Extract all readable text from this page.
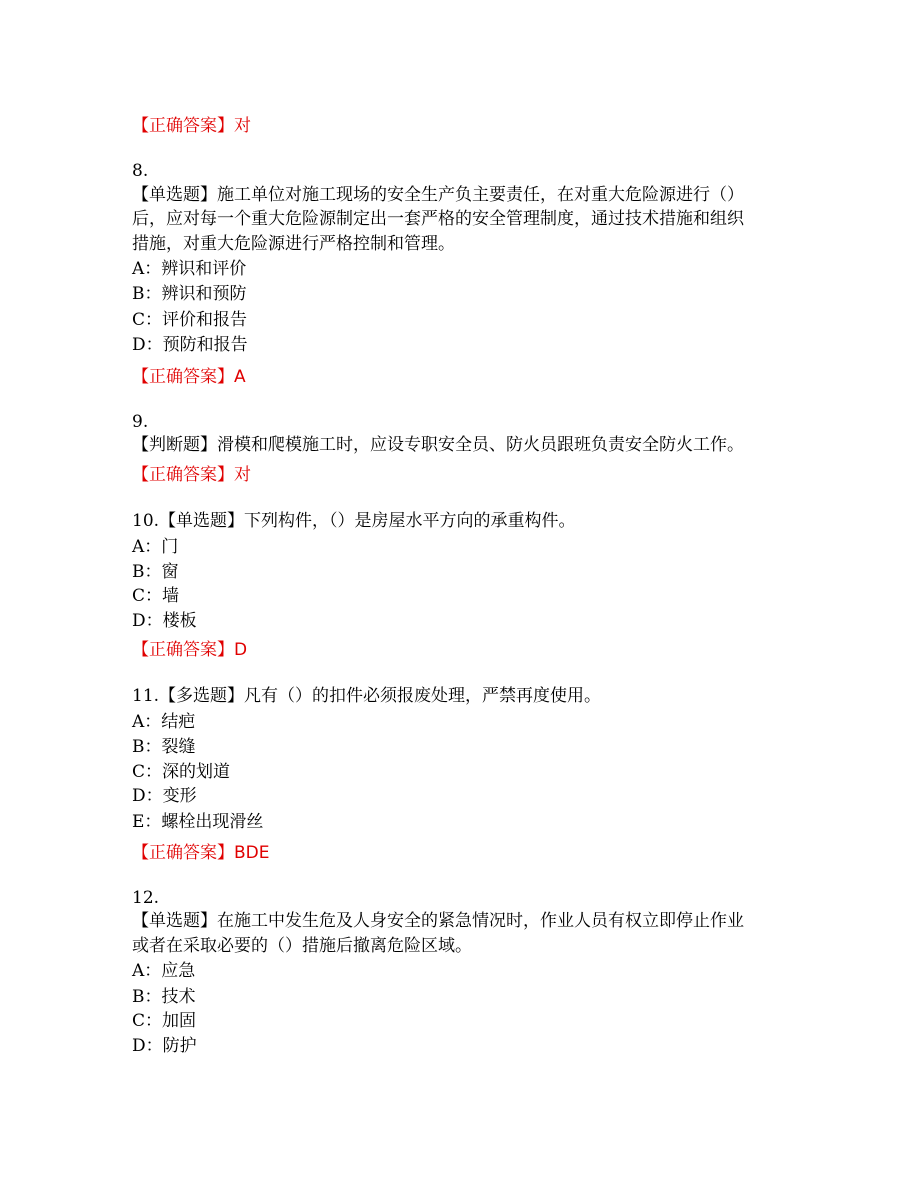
【正确答案】对
8.
【单选题】施工单位对施工现场的安全生产负主要责任，在对重大危险源进行（）
后，应对每一个重大危险源制定出一套严格的安全管理制度，通过技术措施和组织
措施，对重大危险源进行严格控制和管理。
A：辨识和评价
B：辨识和预防
C：评价和报告
D：预防和报告
【正确答案】A
9.
【判断题】滑模和爬模施工时，应设专职安全员、防火员跟班负责安全防火工作。
【正确答案】对
10.【单选题】下列构件，（）是房屋水平方向的承重构件。
A：门
B：窗
C：墙
D：楼板
【正确答案】D
11.【多选题】凡有（）的扣件必须报废处理，严禁再度使用。
A：结疤
B：裂缝
C：深的划道
D：变形
E：螺栓出现滑丝
【正确答案】BDE
12.
【单选题】在施工中发生危及人身安全的紧急情况时，作业人员有权立即停止作业
或者在采取必要的（）措施后撤离危险区域。
A：应急
B：技术
C：加固
D：防护
